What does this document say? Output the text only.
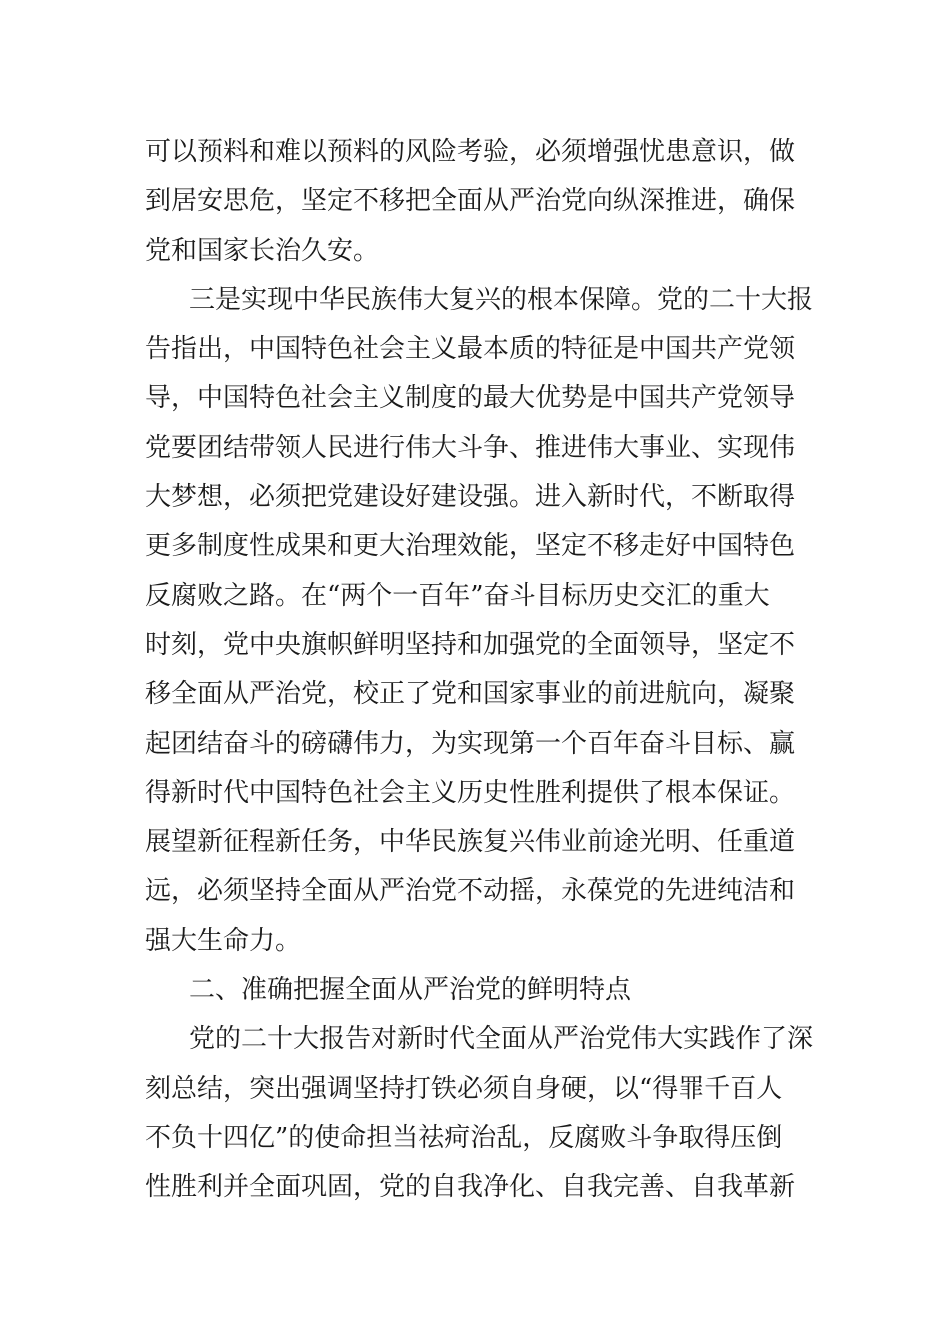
可以预料和难以预料的风险考验，必须增强忧患意识，做
到居安思危，坚定不移把全面从严治党向纵深推进，确保
党和国家长治久安。
三是实现中华民族伟大复兴的根本保障。党的二十大报
告指出，中国特色社会主义最本质的特征是中国共产党领
导，中国特色社会主义制度的最大优势是中国共产党领导
党要团结带领人民进行伟大斗争、推进伟大事业、实现伟
大梦想，必须把党建设好建设强。进入新时代，不断取得
更多制度性成果和更大治理效能，坚定不移走好中国特色
反腐败之路。在“两个一百年”奋斗目标历史交汇的重大
时刻，党中央旗帜鲜明坚持和加强党的全面领导，坚定不
移全面从严治党，校正了党和国家事业的前进航向，凝聚
起团结奋斗的磅礴伟力，为实现第一个百年奋斗目标、赢
得新时代中国特色社会主义历史性胜利提供了根本保证。
展望新征程新任务，中华民族复兴伟业前途光明、任重道
远，必须坚持全面从严治党不动摇，永葆党的先进纯洁和
强大生命力。
二、准确把握全面从严治党的鲜明特点
党的二十大报告对新时代全面从严治党伟大实践作了深
刻总结，突出强调坚持打铁必须自身硬，以“得罪千百人
不负十四亿”的使命担当祛疴治乱，反腐败斗争取得压倒
性胜利并全面巩固，党的自我净化、自我完善、自我革新
